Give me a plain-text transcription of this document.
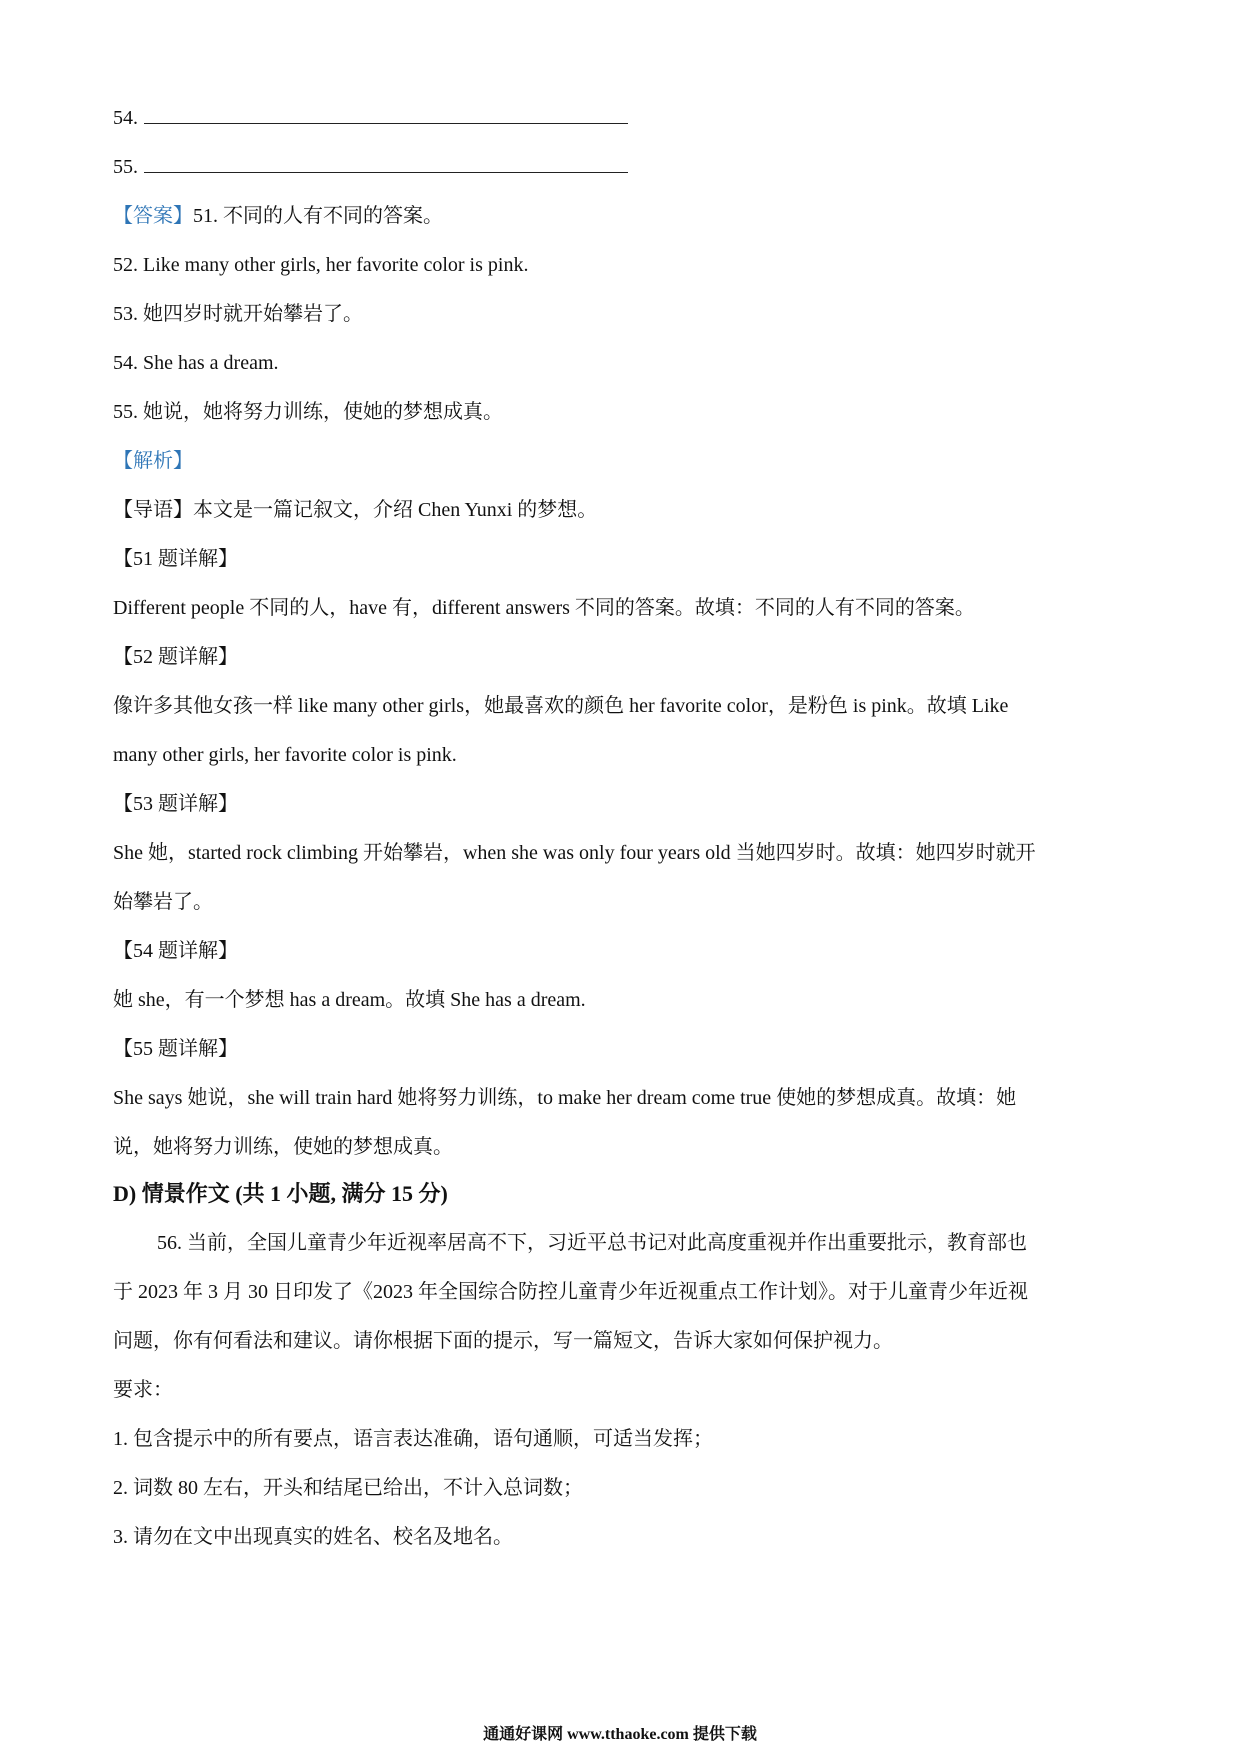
54.
55.
【答案】51. 不同的人有不同的答案。
52. Like many other girls, her favorite color is pink.
53. 她四岁时就开始攀岩了。
54. She has a dream.
55. 她说，她将努力训练，使她的梦想成真。
【解析】
【导语】本文是一篇记叙文，介绍 Chen Yunxi 的梦想。
【51 题详解】
Different people 不同的人，have 有，different answers 不同的答案。故填：不同的人有不同的答案。
【52 题详解】
像许多其他女孩一样 like many other girls，她最喜欢的颜色 her favorite color，是粉色 is pink。故填 Like
many other girls, her favorite color is pink.
【53 题详解】
She 她，started rock climbing 开始攀岩，when she was only four years old 当她四岁时。故填：她四岁时就开
始攀岩了。
【54 题详解】
她 she，有一个梦想 has a dream。故填 She has a dream.
【55 题详解】
She says 她说，she will train hard 她将努力训练，to make her dream come true 使她的梦想成真。故填：她
说，她将努力训练，使她的梦想成真。
D) 情景作文 (共 1 小题, 满分 15 分)
56. 当前，全国儿童青少年近视率居高不下，习近平总书记对此高度重视并作出重要批示，教育部也
于 2023 年 3 月 30 日印发了《2023 年全国综合防控儿童青少年近视重点工作计划》。对于儿童青少年近视
问题，你有何看法和建议。请你根据下面的提示，写一篇短文，告诉大家如何保护视力。
要求：
1. 包含提示中的所有要点，语言表达准确，语句通顺，可适当发挥；
2. 词数 80 左右，开头和结尾已给出，不计入总词数；
3. 请勿在文中出现真实的姓名、校名及地名。
通通好课网 www.tthaoke.com 提供下载
